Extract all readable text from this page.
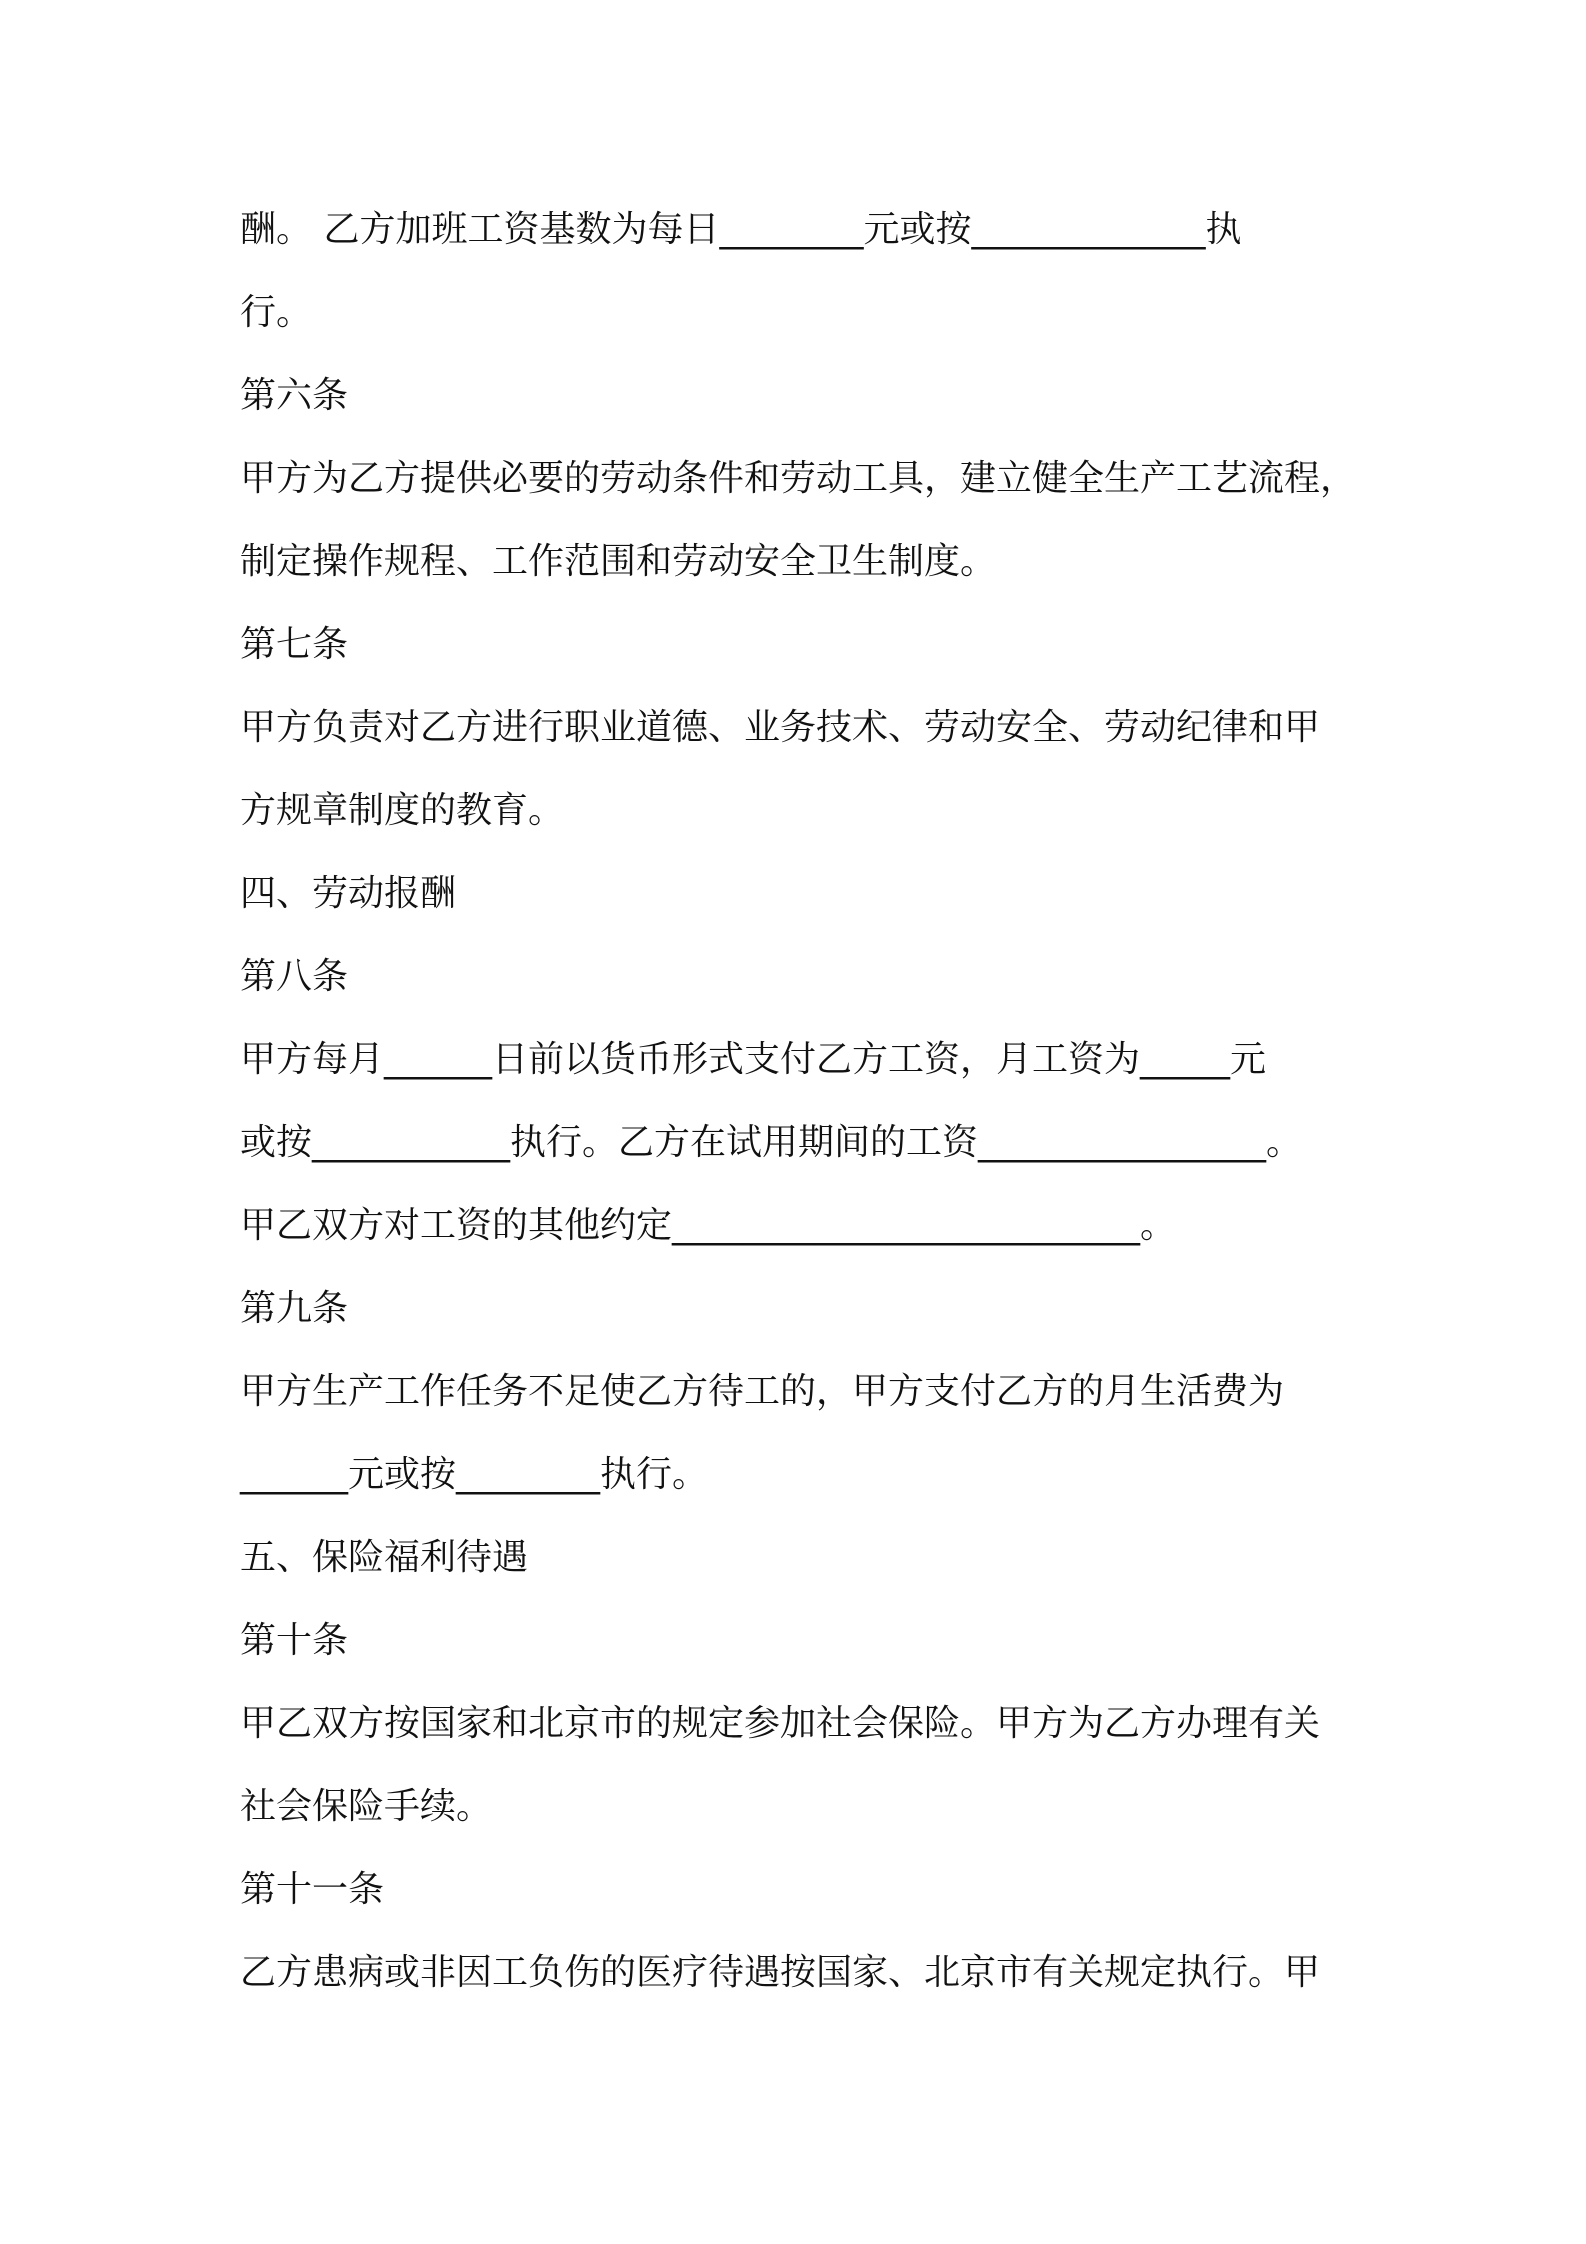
酬。 乙方加班工资基数为每日________元或按_____________执

行。

第六条

甲方为乙方提供必要的劳动条件和劳动工具，建立健全生产工艺流程，

制定操作规程、工作范围和劳动安全卫生制度。

第七条

甲方负责对乙方进行职业道德、业务技术、劳动安全、劳动纪律和甲

方规章制度的教育。

四、劳动报酬

第八条

甲方每月______日前以货币形式支付乙方工资，月工资为_____元

或按___________执行。乙方在试用期间的工资________________。

甲乙双方对工资的其他约定__________________________。

第九条

甲方生产工作任务不足使乙方待工的，甲方支付乙方的月生活费为

______元或按________执行。

五、保险福利待遇

第十条

甲乙双方按国家和北京市的规定参加社会保险。甲方为乙方办理有关

社会保险手续。

第十一条

乙方患病或非因工负伤的医疗待遇按国家、北京市有关规定执行。甲
